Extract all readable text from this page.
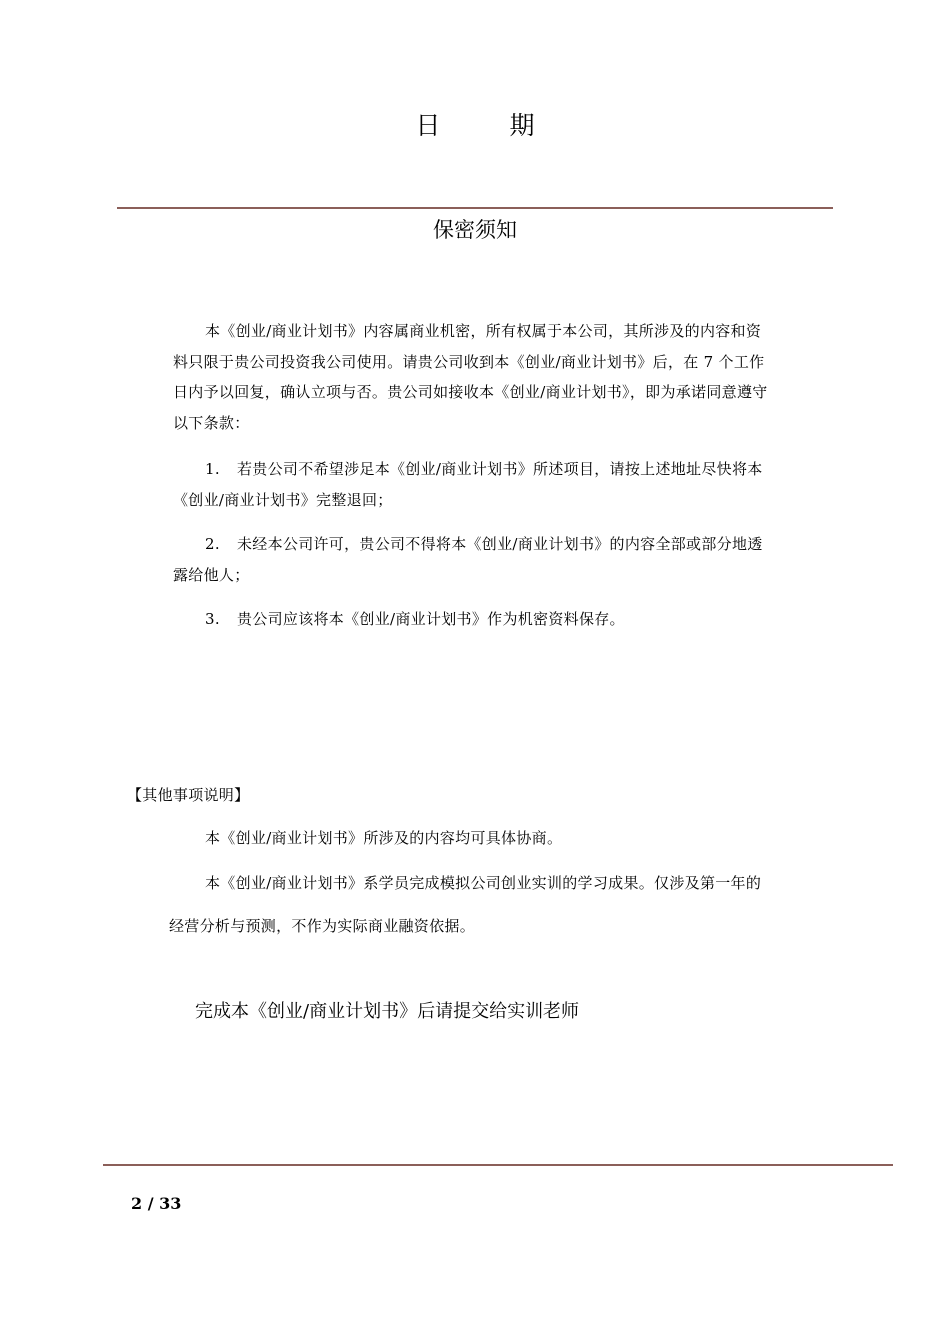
日　期
保密须知

本《创业/商业计划书》内容属商业机密，所有权属于本公司，其所涉及的内容和资料只限于贵公司投资我公司使用。请贵公司收到本《创业/商业计划书》后，在 7 个工作日内予以回复，确认立项与否。贵公司如接收本《创业/商业计划书》，即为承诺同意遵守以下条款：

1. 若贵公司不希望涉足本《创业/商业计划书》所述项目，请按上述地址尽快将本《创业/商业计划书》完整退回；

2. 未经本公司许可，贵公司不得将本《创业/商业计划书》的内容全部或部分地透露给他人；

3. 贵公司应该将本《创业/商业计划书》作为机密资料保存。

【其他事项说明】
本《创业/商业计划书》所涉及的内容均可具体协商。
本《创业/商业计划书》系学员完成模拟公司创业实训的学习成果。仅涉及第一年的
经营分析与预测，不作为实际商业融资依据。
完成本《创业/商业计划书》后请提交给实训老师
2 / 33
